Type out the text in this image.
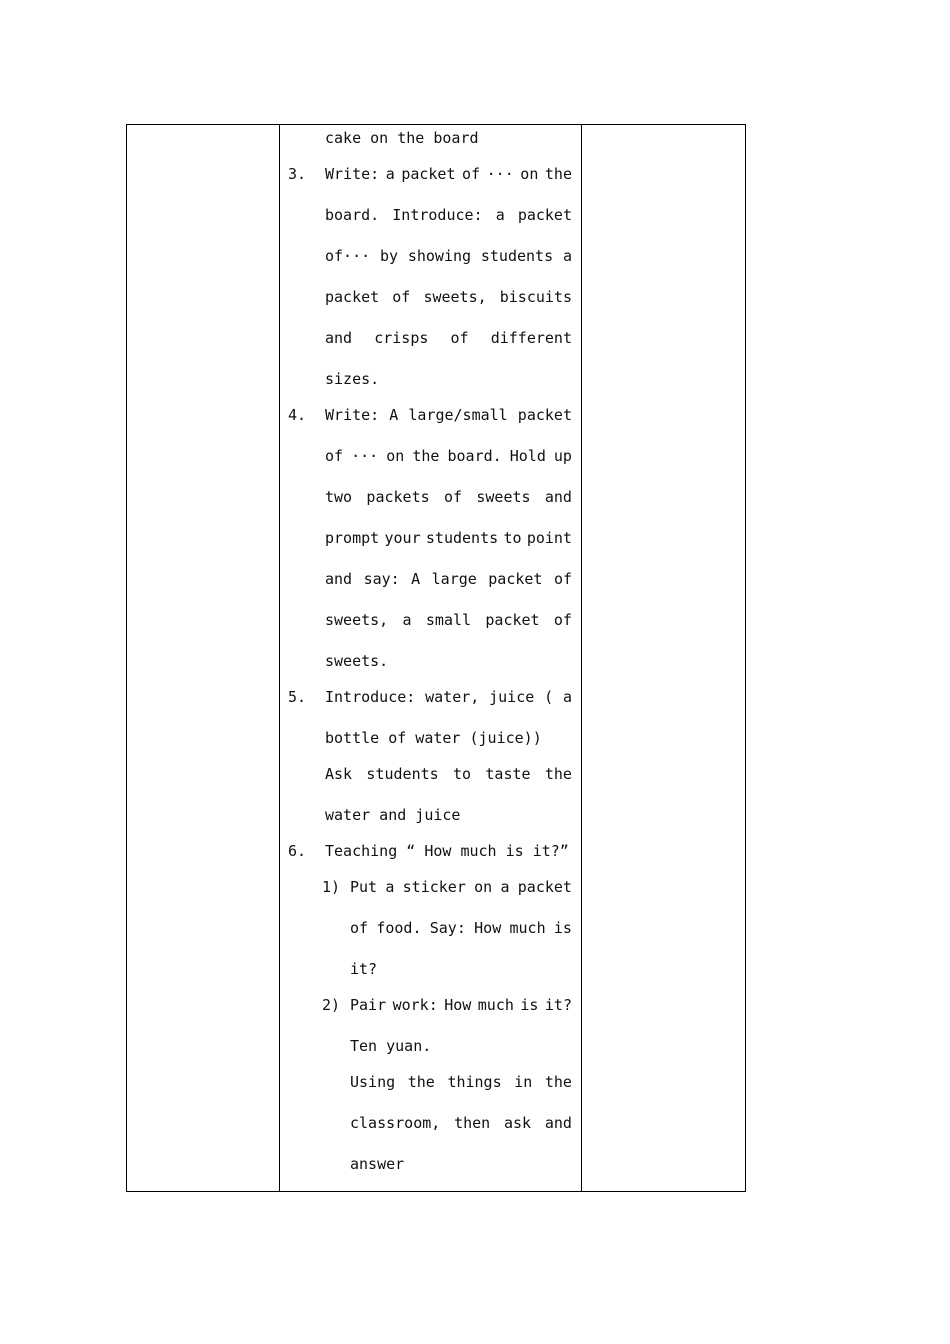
cake on the board
3. Write: a packet of ··· on the
board. Introduce: a packet
of··· by showing students a
packet of sweets, biscuits
and crisps of different
sizes.
4. Write: A large/small packet
of ··· on the board. Hold up
two packets of sweets and
prompt your students to point
and say: A large packet of
sweets, a small packet of
sweets.
5. Introduce: water, juice ( a
bottle of water (juice))
Ask students to taste the
water and juice
6. Teaching “ How much is it?”
1) Put a sticker on a packet
of food. Say: How much is
it?
2) Pair work: How much is it?
Ten yuan.
Using the things in the
classroom, then ask and
answer
